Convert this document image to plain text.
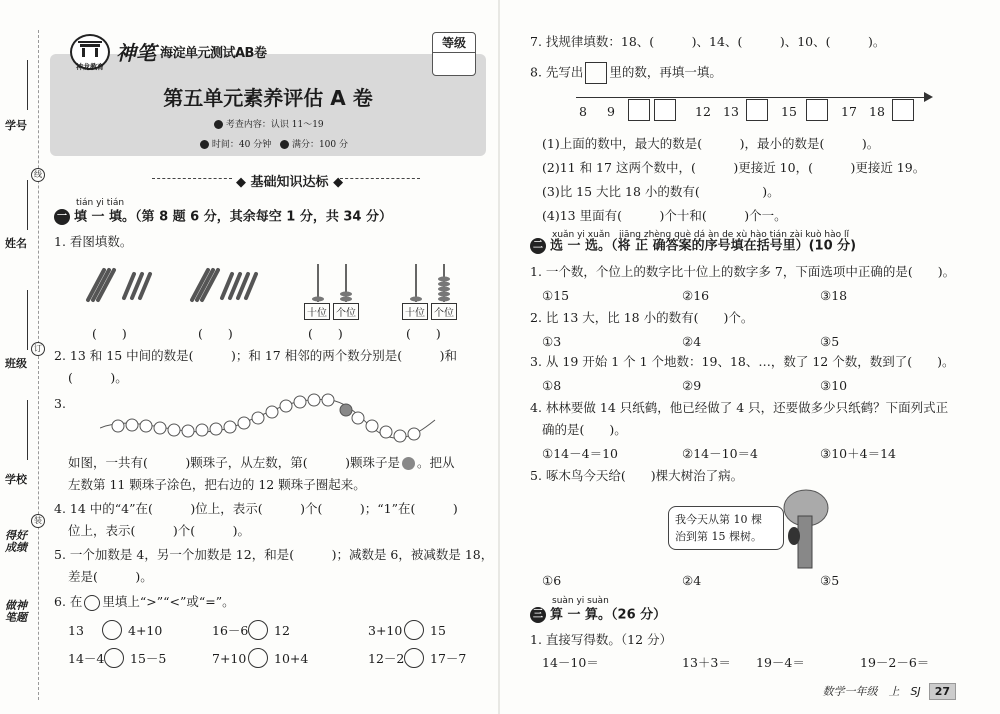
学号
线
姓名
订
班级
学校
装
得好成绩
做神笔题
神龙教育
神笔 海淀单元测试AB卷
等级
第五单元素养评估 A 卷
考查内容：认识 11～19
时间：40 分钟 满分：100 分
◆ 基础知识达标 ◆
tián yi tián
一 填 一 填。（第 8 题 6 分，其余每空 1 分，共 34 分）
1. 看图填数。
十位 个位	十位 个位
(　　)	(　　)	(　　)	(　　)
2. 13 和 15 中间的数是(　　　)；和 17 相邻的两个数分别是(　　　)和
(　　　)。
3.
如图，一共有(　　　)颗珠子，从左数，第(　　　)颗珠子是 。把从
左数第 11 颗珠子涂色，把右边的 12 颗珠子圈起来。
4. 14 中的“4”在(　　　)位上，表示(　　　)个(　　　)；“1”在(　　　)
位上，表示(　　　)个(　　　)。
5. 一个加数是 4，另一个加数是 12，和是(　　　)；减数是 6，被减数是 18，
差是(　　　)。
6. 在 里填上“>”“<”或“=”。
13	4+10	16－6 12	3+10 15
14－4 15－5	7+10 10+4	12－2 17－7
7. 找规律填数：18、(　　　)、14、(　　　)、10、(　　　)。
8. 先写出 里的数，再填一填。
8 9	12 13	15	17 18
(1)上面的数中，最大的数是(　　　)，最小的数是(　　　)。
(2)11 和 17 这两个数中，(　　　)更接近 10，(　　　)更接近 19。
(3)比 15 大比 18 小的数有(　　　　　)。
(4)13 里面有(　　　)个十和(　　　)个一。
xuǎn yi xuǎn　jiāng zhèng què dá àn de xù hào tián zài kuò hào lǐ
二 选 一 选。（将 正 确答案的序号填在括号里）(10 分)
1. 一个数，个位上的数字比十位上的数字多 7，下面选项中正确的是(　　)。
①15	②16	③18
2. 比 13 大，比 18 小的数有(　　)个。
①3	②4	③5
3. 从 19 开始 1 个 1 个地数：19、18、…，数了 12 个数，数到了(　　)。
①8	②9	③10
4. 林林要做 14 只纸鹤，他已经做了 4 只，还要做多少只纸鹤？下面列式正
确的是(　　)。
①14－4＝10	②14－10＝4	③10＋4＝14
5. 啄木鸟今天给(　　)棵大树治了病。
我今天从第 10 棵
治到第 15 棵树。
①6	②4	③5
suàn yi suàn
三 算 一 算。（26 分）
1. 直接写得数。（12 分）
14－10＝	13＋3＝ 19－4＝	19－2－6＝
数学一年级　上　SJ 27
